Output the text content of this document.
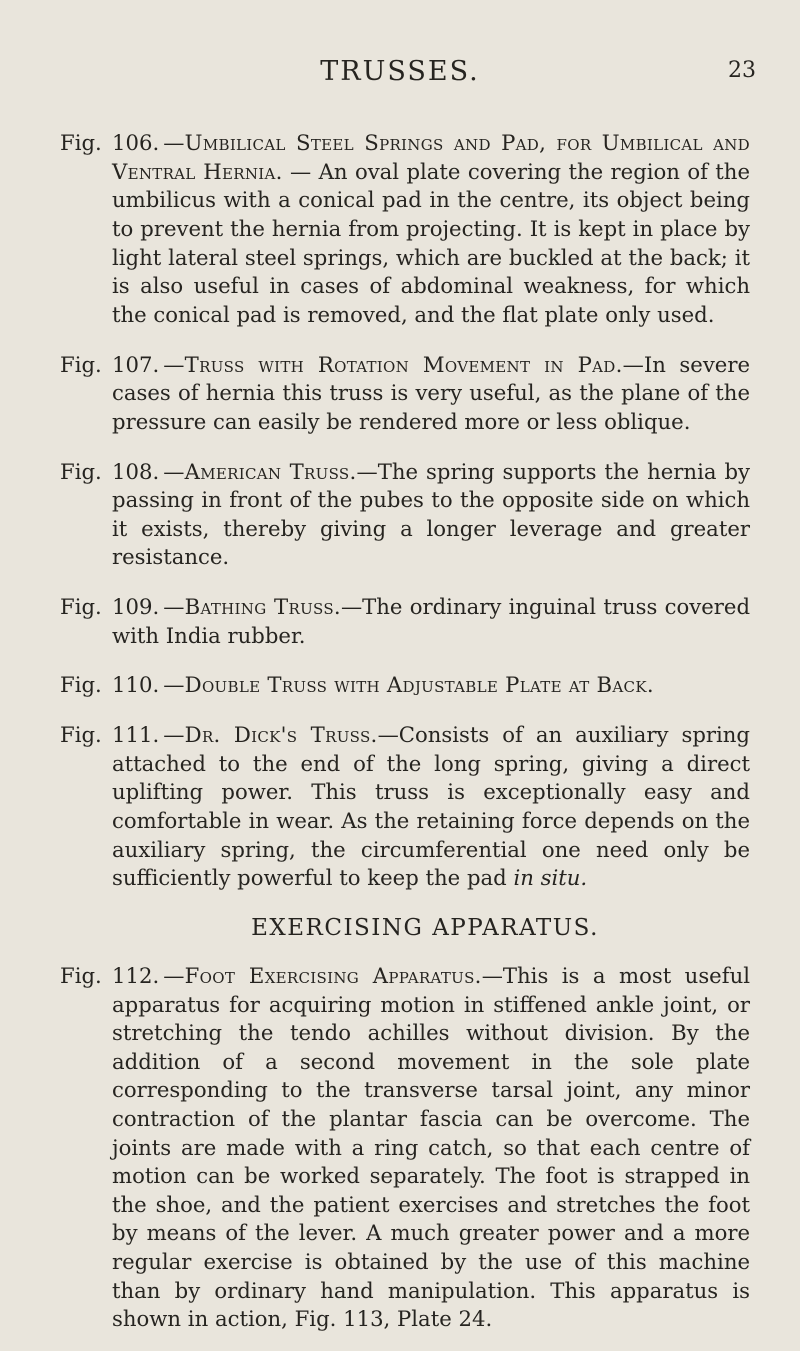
TRUSSES.	23

Fig. 106. —Umbilical Steel Springs and Pad, for Umbilical and Ventral Hernia. — An oval plate covering the region of the umbilicus with a conical pad in the centre, its object being to prevent the hernia from projecting. It is kept in place by light lateral steel springs, which are buckled at the back; it is also useful in cases of abdominal weakness, for which the conical pad is removed, and the flat plate only used.

Fig. 107. —Truss with Rotation Movement in Pad.—In severe cases of hernia this truss is very useful, as the plane of the pressure can easily be rendered more or less oblique.

Fig. 108. —American Truss.—The spring supports the hernia by passing in front of the pubes to the opposite side on which it exists, thereby giving a longer leverage and greater resistance.

Fig. 109. —Bathing Truss.—The ordinary inguinal truss covered with India rubber.

Fig. 110. —Double Truss with Adjustable Plate at Back.

Fig. 111. —Dr. Dick's Truss.—Consists of an auxiliary spring attached to the end of the long spring, giving a direct uplifting power. This truss is exceptionally easy and comfortable in wear. As the retaining force depends on the auxiliary spring, the circumferential one need only be sufficiently powerful to keep the pad in situ.

EXERCISING APPARATUS.

Fig. 112. —Foot Exercising Apparatus.—This is a most useful apparatus for acquiring motion in stiffened ankle joint, or stretching the tendo achilles without division. By the addition of a second movement in the sole plate corresponding to the transverse tarsal joint, any minor contraction of the plantar fascia can be overcome. The joints are made with a ring catch, so that each centre of motion can be worked separately. The foot is strapped in the shoe, and the patient exercises and stretches the foot by means of the lever. A much greater power and a more regular exercise is obtained by the use of this machine than by ordinary hand manipulation. This apparatus is shown in action, Fig. 113, Plate 24.
